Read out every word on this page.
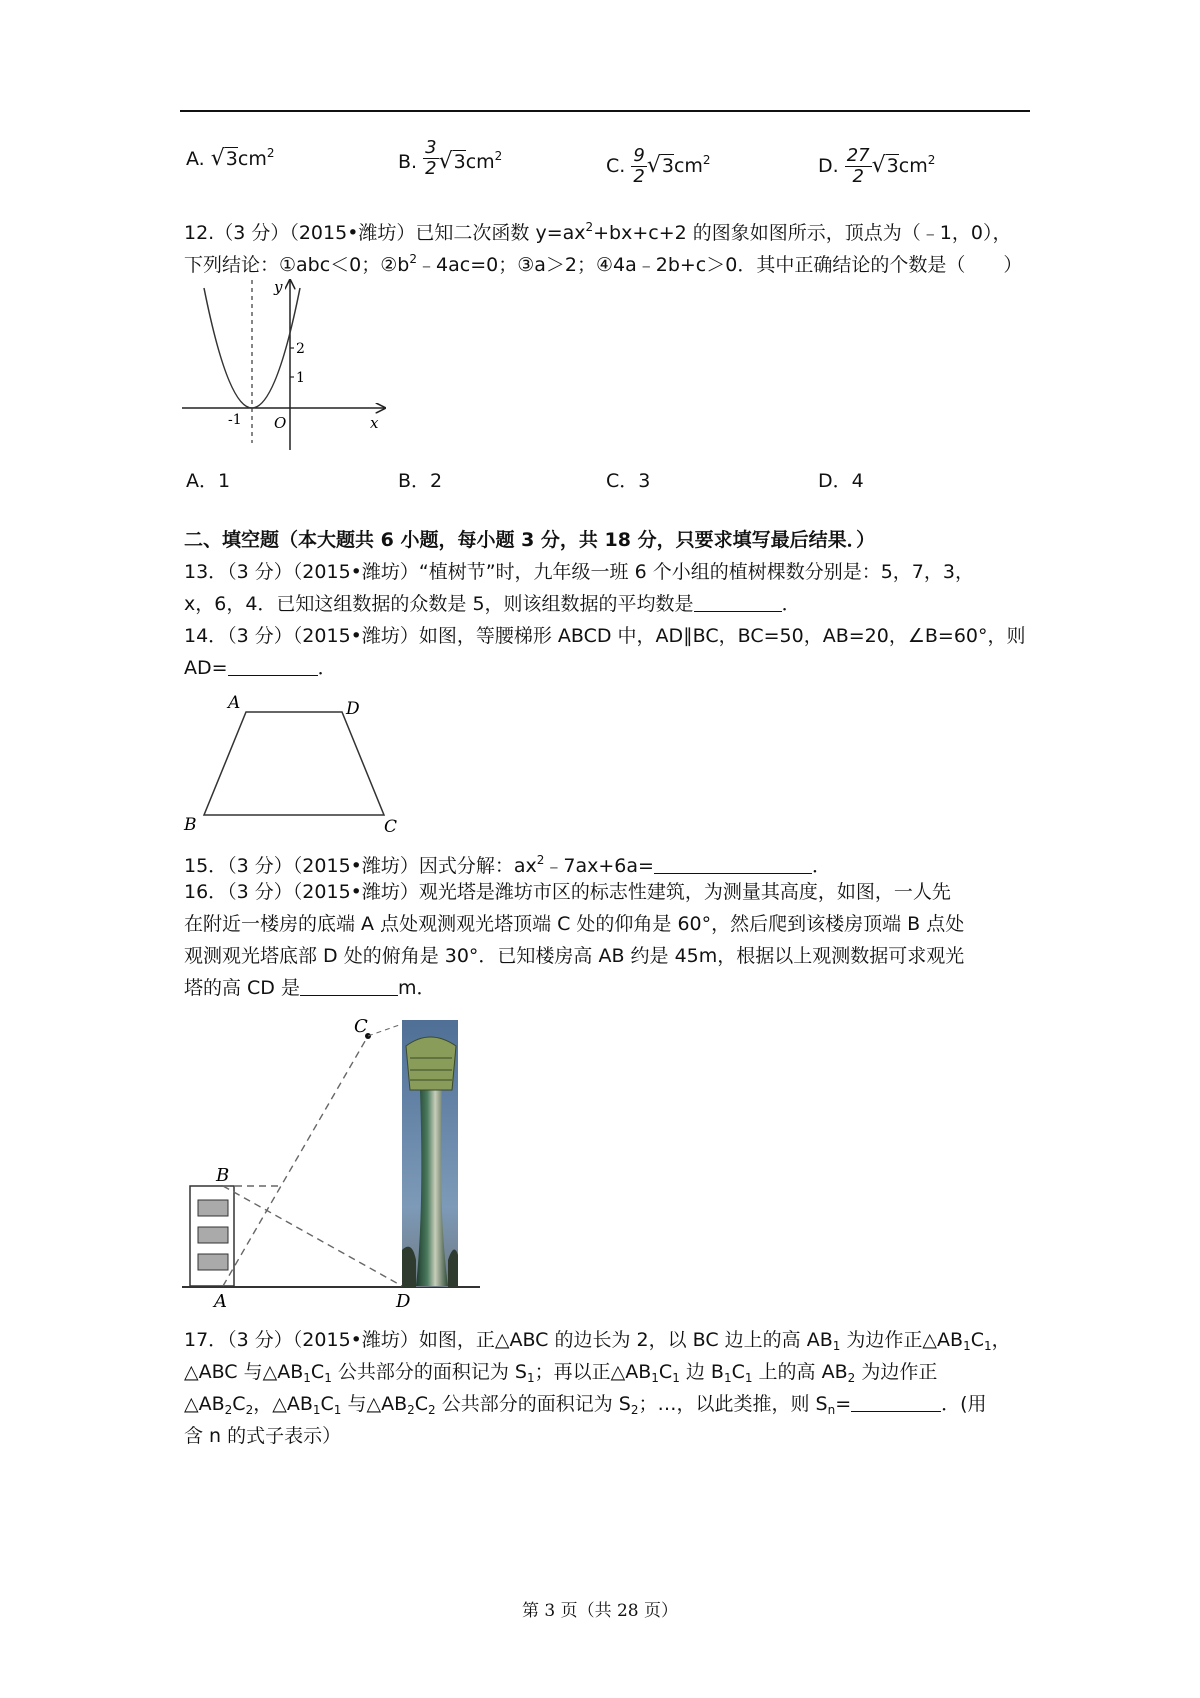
A. $√3cm^2$	B. $\frac{3}{2} √3cm^2$	C. $\frac{9}{2} √3cm^2$	D. $\frac{27}{2} √3cm^2$
12.（3 分）（2015•潍坊）已知二次函数 $y=ax^2+bx+c+2$ 的图象如图所示，顶点为（﹣1，0），
下列结论：①abc＜0；$②b^2﹣4ac=0$；③a＞2；④4a﹣2b+c＞0．其中正确结论的个数是（　　）
y
x
O
-1
1
2
A．1	B．2	C．3	D．4
二、填空题（本大题共 6 小题，每小题 3 分，共 18 分，只要求填写最后结果．）
13．（3 分）（2015•潍坊）“植树节”时，九年级一班 6 个小组的植树棵数分别是：5，7，3，
x，6，4．已知这组数据的众数是 5，则该组数据的平均数是	．
14．（3 分）（2015•潍坊）如图，等腰梯形 ABCD 中，AD∥BC，BC=50，AB=20，∠B=60°，则
AD=	．
A	D
B	C
15．（3 分）（2015•潍坊）因式分解：$ax^2﹣7ax+6a=$	．
16．（3 分）（2015•潍坊）观光塔是潍坊市区的标志性建筑，为测量其高度，如图，一人先
在附近一楼房的底端 A 点处观测观光塔顶端 C 处的仰角是 60°，然后爬到该楼房顶端 B 点处
观测观光塔底部 D 处的俯角是 30°．已知楼房高 AB 约是 45m，根据以上观测数据可求观光
塔的高 CD 是	m．
C
B
A	D
17．（3 分）（2015•潍坊）如图，正△ABC 的边长为 2，以 BC 边上的高 $AB_1$ 为边作正$\triangle AB_1C_1$，
△ABC 与$\triangle AB_1C_1$ 公共部分的面积记为 $S_1$；再以正$\triangle AB_1C_1$ 边 $B_1C_1$ 上的高 $AB_2$ 为边作正
$\triangle AB_2C_2$，$\triangle AB_1C_1$ 与$\triangle AB_2C_2$ 公共部分的面积记为 $S_2$；…，以此类推，则 $S_n=$	．(用
含 n 的式子表示）
第 3 页（共 28 页）
